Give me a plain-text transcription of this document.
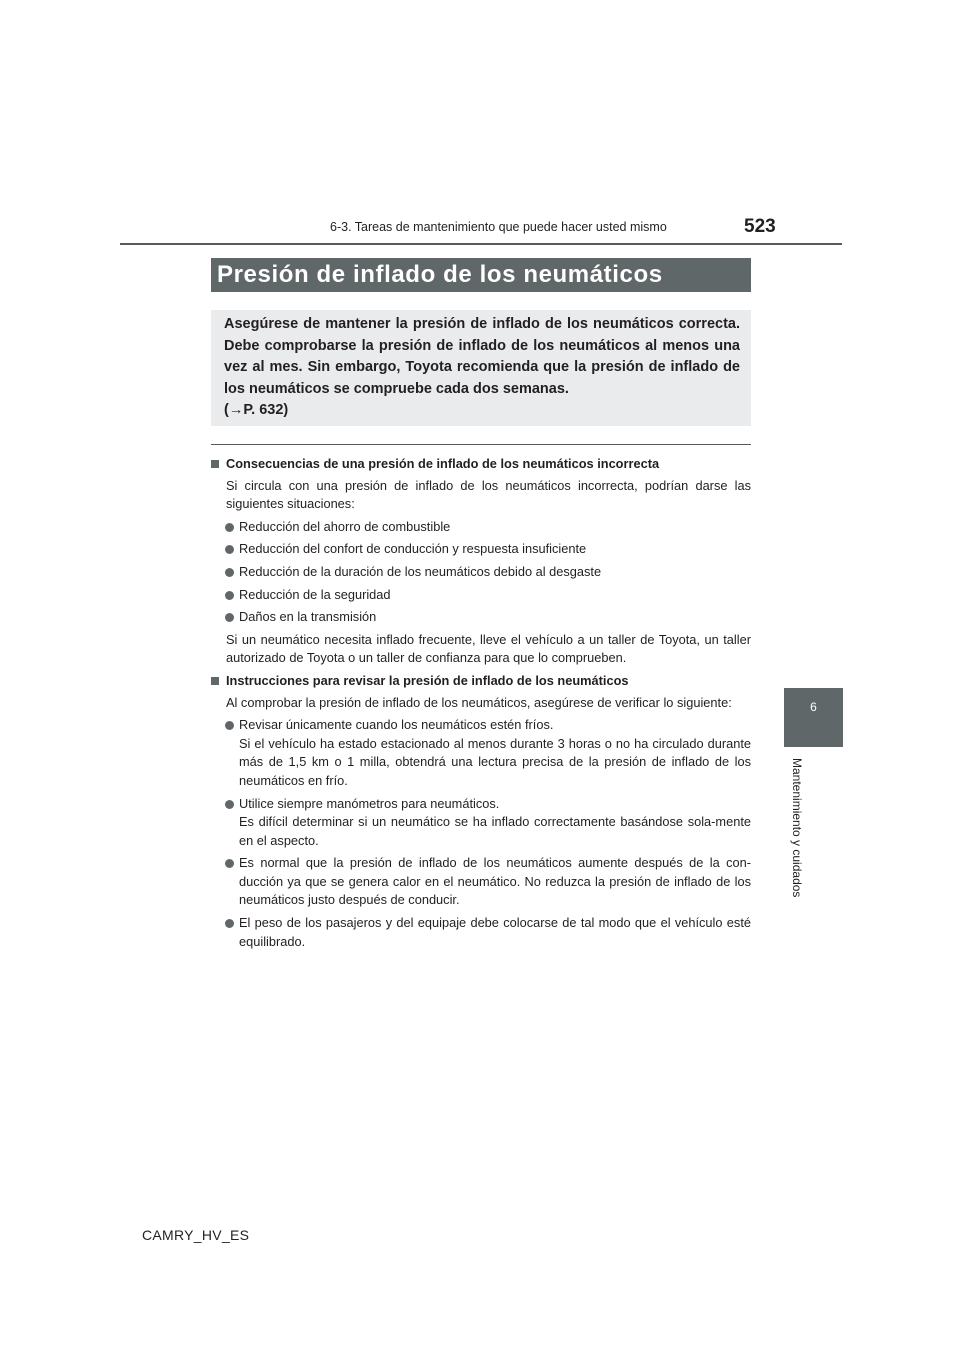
6-3. Tareas de mantenimiento que puede hacer usted mismo	523
6
Mantenimiento y cuidados
Presión de inflado de los neumáticos
Asegúrese de mantener la presión de inflado de los neumáticos correcta. Debe comprobarse la presión de inflado de los neumáticos al menos una vez al mes. Sin embargo, Toyota recomienda que la presión de inflado de los neumáticos se compruebe cada dos semanas.
(→P. 632)
Consecuencias de una presión de inflado de los neumáticos incorrecta
Si circula con una presión de inflado de los neumáticos incorrecta, podrían darse las siguientes situaciones:
Reducción del ahorro de combustible
Reducción del confort de conducción y respuesta insuficiente
Reducción de la duración de los neumáticos debido al desgaste
Reducción de la seguridad
Daños en la transmisión
Si un neumático necesita inflado frecuente, lleve el vehículo a un taller de Toyota, un taller autorizado de Toyota o un taller de confianza para que lo comprueben.
Instrucciones para revisar la presión de inflado de los neumáticos
Al comprobar la presión de inflado de los neumáticos, asegúrese de verificar lo siguiente:
Revisar únicamente cuando los neumáticos estén fríos.
Si el vehículo ha estado estacionado al menos durante 3 horas o no ha circulado durante más de 1,5 km o 1 milla, obtendrá una lectura precisa de la presión de inflado de los neumáticos en frío.
Utilice siempre manómetros para neumáticos.
Es difícil determinar si un neumático se ha inflado correctamente basándose sola-mente en el aspecto.
Es normal que la presión de inflado de los neumáticos aumente después de la con-ducción ya que se genera calor en el neumático. No reduzca la presión de inflado de los neumáticos justo después de conducir.
El peso de los pasajeros y del equipaje debe colocarse de tal modo que el vehículo esté equilibrado.
CAMRY_HV_ES
